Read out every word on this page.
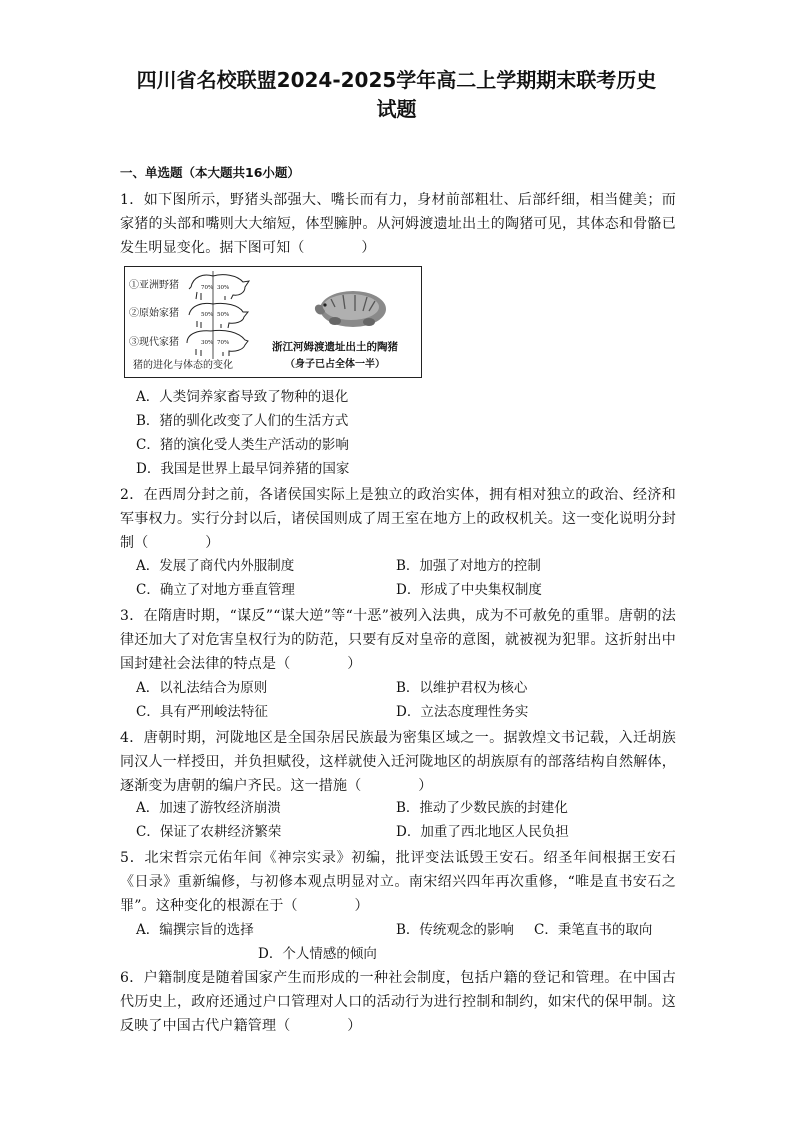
四川省名校联盟2024-2025学年高二上学期期末联考历史
试题
一、单选题（本大题共16小题）
1．如下图所示，野猪头部强大、嘴长而有力，身材前部粗壮、后部纤细，相当健美；而家猪的头部和嘴则大大缩短，体型臃肿。从河姆渡遗址出土的陶猪可见，其体态和骨骼已发生明显变化。据下图可知（　　　　）
①亚洲野猪
②原始家猪
③现代家猪
猪的进化与体态的变化
70% 30%
50% 50%
30% 70%	浙江河姆渡遗址出土的陶猪
（身子已占全体一半）
A．人类饲养家畜导致了物种的退化
B．猪的驯化改变了人们的生活方式
C．猪的演化受人类生产活动的影响
D．我国是世界上最早饲养猪的国家
2．在西周分封之前，各诸侯国实际上是独立的政治实体，拥有相对独立的政治、经济和军事权力。实行分封以后，诸侯国则成了周王室在地方上的政权机关。这一变化说明分封制（　　　　）
A．发展了商代内外服制度	B．加强了对地方的控制
C．确立了对地方垂直管理	D．形成了中央集权制度
3．在隋唐时期，“谋反”“谋大逆”等“十恶”被列入法典，成为不可赦免的重罪。唐朝的法律还加大了对危害皇权行为的防范，只要有反对皇帝的意图，就被视为犯罪。这折射出中国封建社会法律的特点是（　　　　）
A．以礼法结合为原则	B．以维护君权为核心
C．具有严刑峻法特征	D．立法态度理性务实
4．唐朝时期，河陇地区是全国杂居民族最为密集区域之一。据敦煌文书记载，入迁胡族同汉人一样授田，并负担赋役，这样就使入迁河陇地区的胡族原有的部落结构自然解体，逐渐变为唐朝的编户齐民。这一措施（　　　　）
A．加速了游牧经济崩溃	B．推动了少数民族的封建化
C．保证了农耕经济繁荣	D．加重了西北地区人民负担
5．北宋哲宗元佑年间《神宗实录》初编，批评变法诋毁王安石。绍圣年间根据王安石《日录》重新编修，与初修本观点明显对立。南宋绍兴四年再次重修，“唯是直书安石之罪”。这种变化的根源在于（　　　　）
A．编撰宗旨的选择	B．传统观念的影响 C．秉笔直书的取向
D．个人情感的倾向
6．户籍制度是随着国家产生而形成的一种社会制度，包括户籍的登记和管理。在中国古代历史上，政府还通过户口管理对人口的活动行为进行控制和制约，如宋代的保甲制。这反映了中国古代户籍管理（　　　　）
